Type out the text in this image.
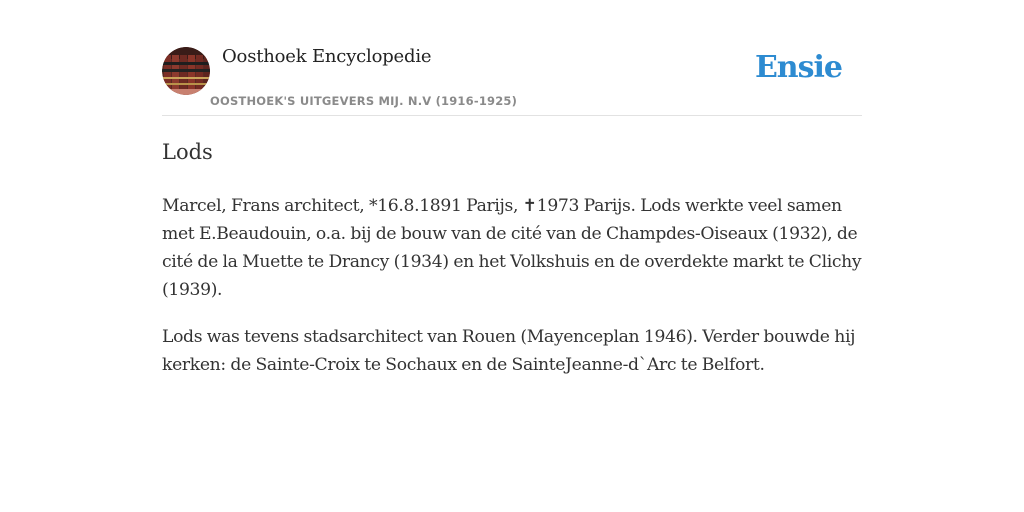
Oosthoek Encyclopedie
OOSTHOEK'S UITGEVERS MIJ. N.V (1916-1925)
Ensie
Lods

Marcel, Frans architect, *16.8.1891 Parijs, ✝1973 Parijs. Lods werkte veel samen met E.Beaudouin, o.a. bij de bouw van de cité van de Champdes-Oiseaux (1932), de cité de la Muette te Drancy (1934) en het Volkshuis en de overdekte markt te Clichy (1939).

Lods was tevens stadsarchitect van Rouen (Mayenceplan 1946). Verder bouwde hij kerken: de Sainte-Croix te Sochaux en de SainteJeanne-d`Arc te Belfort.
